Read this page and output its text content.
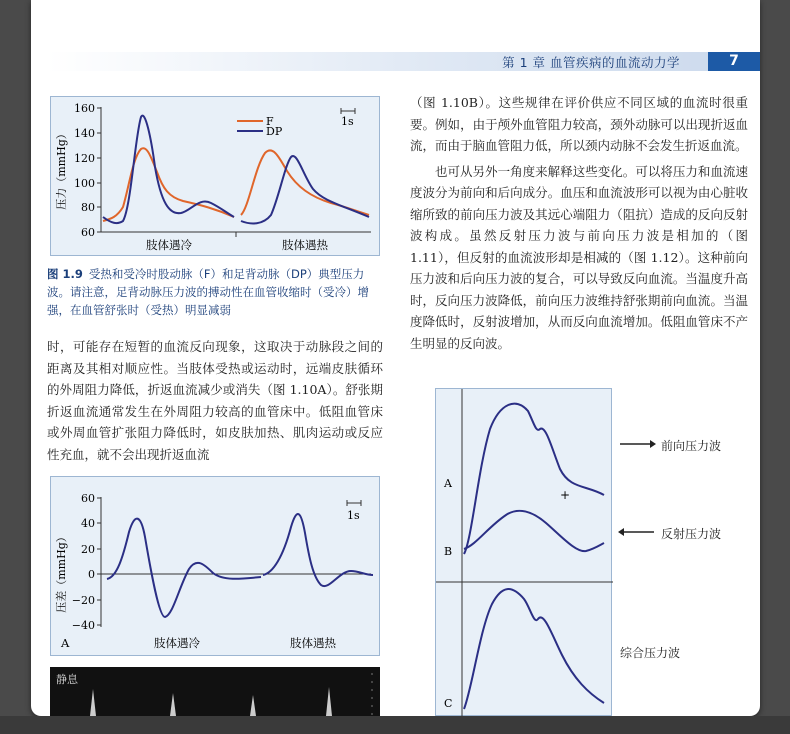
第 1 章 血管疾病的血流动力学	7
160
140
120
100
80
60
压力（mmHg）
F
DP
1s
肢体遇冷	肢体遇热
图 1.9 受热和受冷时股动脉（F）和足背动脉（DP）典型压力波。请注意，足背动脉压力波的搏动性在血管收缩时（受冷）增强，在血管舒张时（受热）明显减弱

时，可能存在短暂的血流反向现象，这取决于动脉段之间的距离及其相对顺应性。当肢体受热或运动时，远端皮肤循环的外周阻力降低，折返血流减少或消失（图 1.10A）。舒张期折返血流通常发生在外周阻力较高的血管床中。低阻血管床或外周血管扩张阻力降低时，如皮肤加热、肌肉运动或反应性充血，就不会出现折返血流

60
40
20
0
−20
−40
压差（mmHg）
1s
A	肢体遇冷	肢体遇热
静息

（图 1.10B）。这些规律在评价供应不同区域的血流时很重要。例如，由于颅外血管阻力较高，颈外动脉可以出现折返血流，而由于脑血管阻力低，所以颈内动脉不会发生折返血流。

也可从另外一角度来解释这些变化。可以将压力和血流速度波分为前向和后向成分。血压和血流波形可以视为由心脏收缩所致的前向压力波及其远心端阻力（阻抗）造成的反向反射波构成。虽然反射压力波与前向压力波是相加的（图 1.11），但反射的血流波形却是相减的（图 1.12）。这种前向压力波和后向压力波的复合，可以导致反向血流。当温度升高时，反向压力波降低，前向压力波维持舒张期前向血流。当温度降低时，反射波增加，从而反向血流增加。低阻血管床不产生明显的反向波。

A
B
C
+
前向压力波
反射压力波
综合压力波
